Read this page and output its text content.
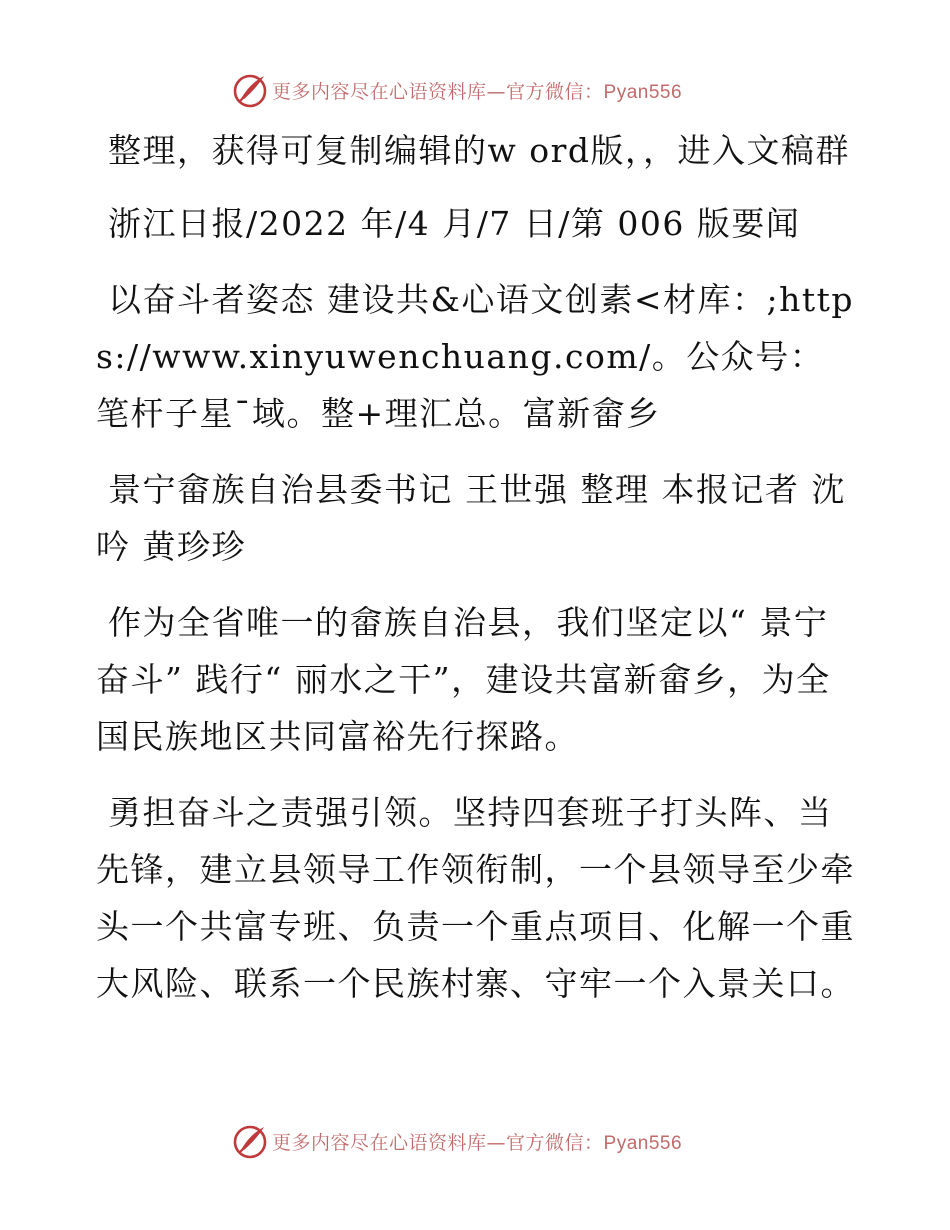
更多内容尽在心语资料库—官方微信：Pyan556

整理，获得可复制编辑的w ord版，，进入文稿群

浙江日报/2022 年/4 月/7 日/第 006 版要闻

以奋斗者姿态 建设共&心语文创素<材库：;https://www.xinyuwenchuang.com/。公众号：笔杆子星¯域。整+理汇总。富新畲乡

景宁畲族自治县委书记 王世强 整理 本报记者 沈吟 黄珍珍

作为全省唯一的畲族自治县，我们坚定以“ 景宁奋斗” 践行“ 丽水之干”，建设共富新畲乡，为全国民族地区共同富裕先行探路。

勇担奋斗之责强引领。坚持四套班子打头阵、当先锋，建立县领导工作领衔制，一个县领导至少牵头一个共富专班、负责一个重点项目、化解一个重大风险、联系一个民族村寨、守牢一个入景关口。

更多内容尽在心语资料库—官方微信：Pyan556
